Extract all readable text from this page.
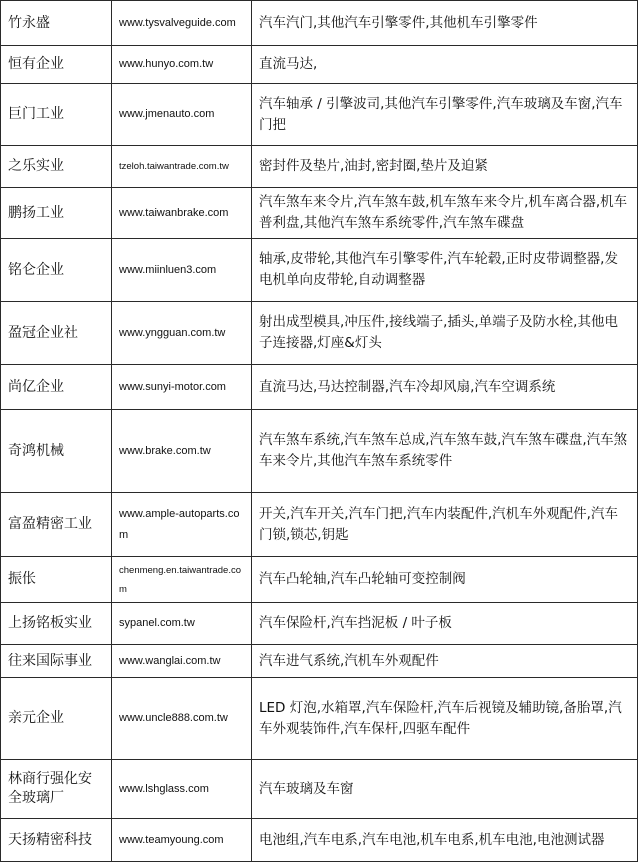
竹永盛	www.tysvalveguide.com	汽车汽门,其他汽车引擎零件,其他机车引擎零件
恒有企业	www.hunyo.com.tw	直流马达,
巨门工业	www.jmenauto.com	汽车轴承 / 引擎波司,其他汽车引擎零件,汽车玻璃及车窗,汽车门把
之乐实业	tzeloh.taiwantrade.com.tw	密封件及垫片,油封,密封圈,垫片及迫紧
鹏扬工业	www.taiwanbrake.com	汽车煞车来令片,汽车煞车鼓,机车煞车来令片,机车离合器,机车普利盘,其他汽车煞车系统零件,汽车煞车碟盘
铭仑企业	www.miinluen3.com	轴承,皮带轮,其他汽车引擎零件,汽车轮毂,正时皮带调整器,发电机单向皮带轮,自动调整器
盈冠企业社	www.yngguan.com.tw	射出成型模具,冲压件,接线端子,插头,单端子及防水栓,其他电子连接器,灯座&灯头
尚亿企业	www.sunyi-motor.com	直流马达,马达控制器,汽车冷却风扇,汽车空调系统
奇鸿机械	www.brake.com.tw	汽车煞车系统,汽车煞车总成,汽车煞车鼓,汽车煞车碟盘,汽车煞车来令片,其他汽车煞车系统零件
富盈精密工业	www.ample-autoparts.com	开关,汽车开关,汽车门把,汽车内装配件,汽机车外观配件,汽车门锁,锁芯,钥匙
振伥	chenmeng.en.taiwantrade.com	汽车凸轮轴,汽车凸轮轴可变控制阀
上扬铭板实业	sypanel.com.tw	汽车保险杆,汽车挡泥板 / 叶子板
往来国际事业	www.wanglai.com.tw	汽车进气系统,汽机车外观配件
亲元企业	www.uncle888.com.tw	LED 灯泡,水箱罩,汽车保险杆,汽车后视镜及辅助镜,备胎罩,汽车外观装饰件,汽车保杆,四驱车配件
林商行强化安全玻璃厂	www.lshglass.com	汽车玻璃及车窗
天扬精密科技	www.teamyoung.com	电池组,汽车电系,汽车电池,机车电系,机车电池,电池测试器
